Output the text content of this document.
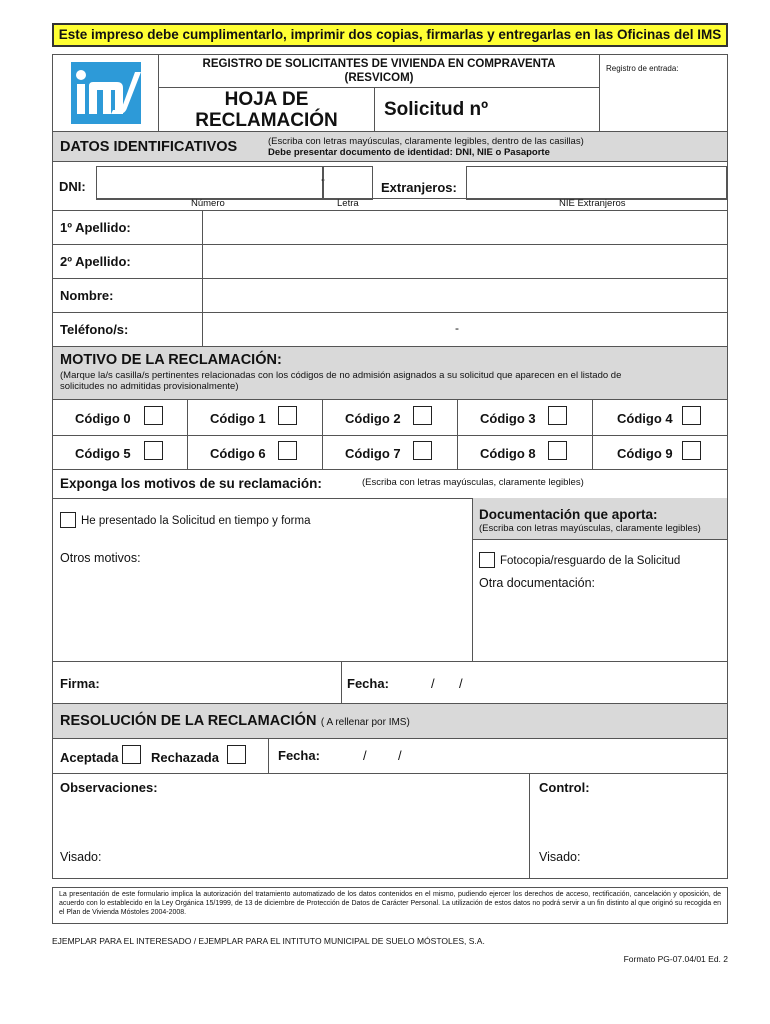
Este impreso debe cumplimentarlo, imprimir dos copias, firmarlas y entregarlas en las Oficinas del IMS
REGISTRO DE SOLICITANTES DE VIVIENDA EN COMPRAVENTA
(RESVICOM)
Registro de entrada:
HOJA DE
RECLAMACIÓN
Solicitud nº
DATOS IDENTIFICATIVOS	(Escriba con letras mayúsculas, claramente legibles, dentro de las casillas)
Debe presentar documento de identidad: DNI, NIE o Pasaporte
DNI:	-
Extranjeros:
Número	Letra	NIE Extranjeros
1º Apellido:
2º Apellido:
Nombre:
Teléfono/s:	-
MOTIVO DE LA RECLAMACIÓN:
(Marque la/s casilla/s pertinentes relacionadas con los códigos de no admisión asignados a su solicitud que aparecen en el listado de
solicitudes no admitidas provisionalmente)
Código 0	Código 1	Código 2	Código 3	Código 4
Código 5	Código 6	Código 7	Código 8	Código 9
Exponga los motivos de su reclamación:	(Escriba con letras mayúsculas, claramente legibles)
Documentación que aporta:
(Escriba con letras mayúsculas, claramente legibles)
He presentado la Solicitud en tiempo y forma
Otros motivos:	Fotocopia/resguardo de la Solicitud
Otra documentación:
Firma:	Fecha:	/ /
RESOLUCIÓN DE LA RECLAMACIÓN ( A rellenar por IMS)
Aceptada Rechazada	Fecha:	/ /
Observaciones:
Visado:
Control:
Visado:
La presentación de este formulario implica la autorización del tratamiento automatizado de los datos contenidos en el mismo, pudiendo ejercer los derechos de acceso, rectificación, cancelación y oposición, de acuerdo con lo establecido en la Ley Orgánica 15/1999, de 13 de diciembre de Protección de Datos de Carácter Personal. La utilización de estos datos no podrá servir a un fin distinto al que originó su recogida en el Plan de Vivienda Móstoles 2004-2008.
EJEMPLAR PARA EL INTERESADO / EJEMPLAR PARA EL INTITUTO MUNICIPAL DE SUELO MÓSTOLES, S.A.
Formato PG-07.04/01 Ed. 2
